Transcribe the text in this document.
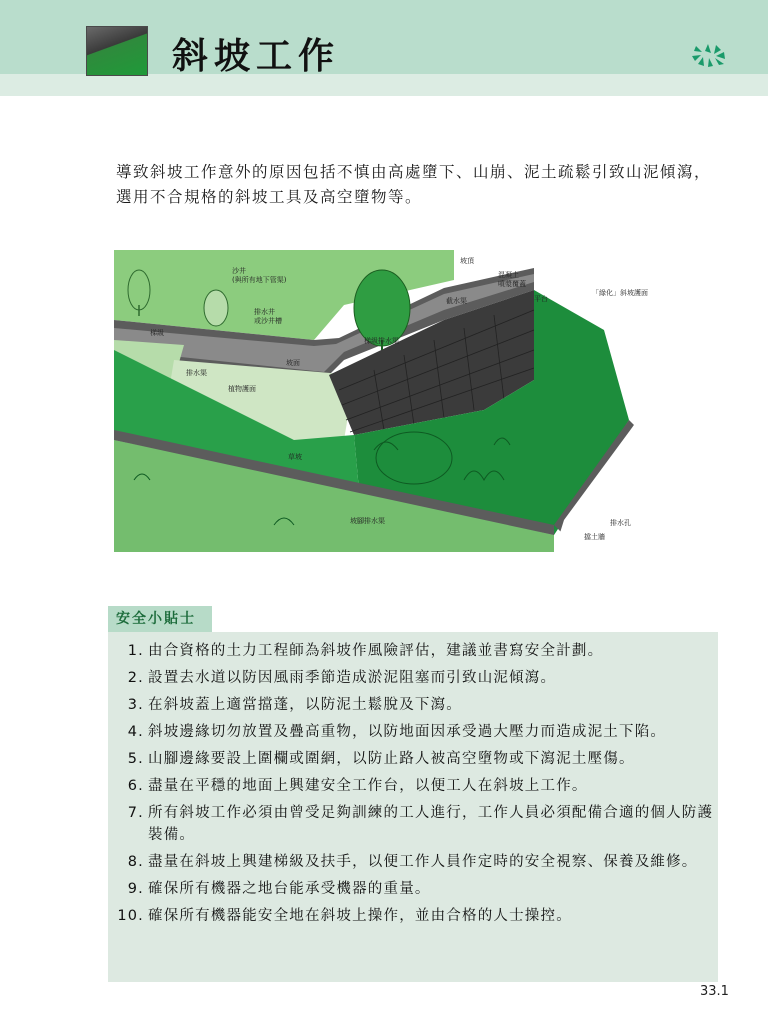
斜坡工作
導致斜坡工作意外的原因包括不慎由高處墮下、山崩、泥土疏鬆引致山泥傾瀉，選用不合規格的斜坡工具及高空墮物等。
沙井
(與所有地下管渠)
排水井
或沙井槽
坡頂
混凝土
噴漿覆蓋
平台
「綠化」斜坡護面
梯級
排水渠
植物護面
坡面
截水渠
梯級排水渠
草坡
坡腳排水渠	排水孔
擋土牆
安全小貼士
1. 由合資格的土力工程師為斜坡作風險評估，建議並書寫安全計劃。
2. 設置去水道以防因風雨季節造成淤泥阻塞而引致山泥傾瀉。
3. 在斜坡蓋上適當擋蓬，以防泥土鬆脫及下瀉。
4. 斜坡邊緣切勿放置及疊高重物，以防地面因承受過大壓力而造成泥土下陷。
5. 山腳邊緣要設上圍欄或圍網，以防止路人被高空墮物或下瀉泥土壓傷。
6. 盡量在平穩的地面上興建安全工作台，以便工人在斜坡上工作。
7. 所有斜坡工作必須由曾受足夠訓練的工人進行，工作人員必須配備合適的個人防護裝備。
8. 盡量在斜坡上興建梯級及扶手，以便工作人員作定時的安全視察、保養及維修。
9. 確保所有機器之地台能承受機器的重量。
10. 確保所有機器能安全地在斜坡上操作，並由合格的人士操控。
33.1
